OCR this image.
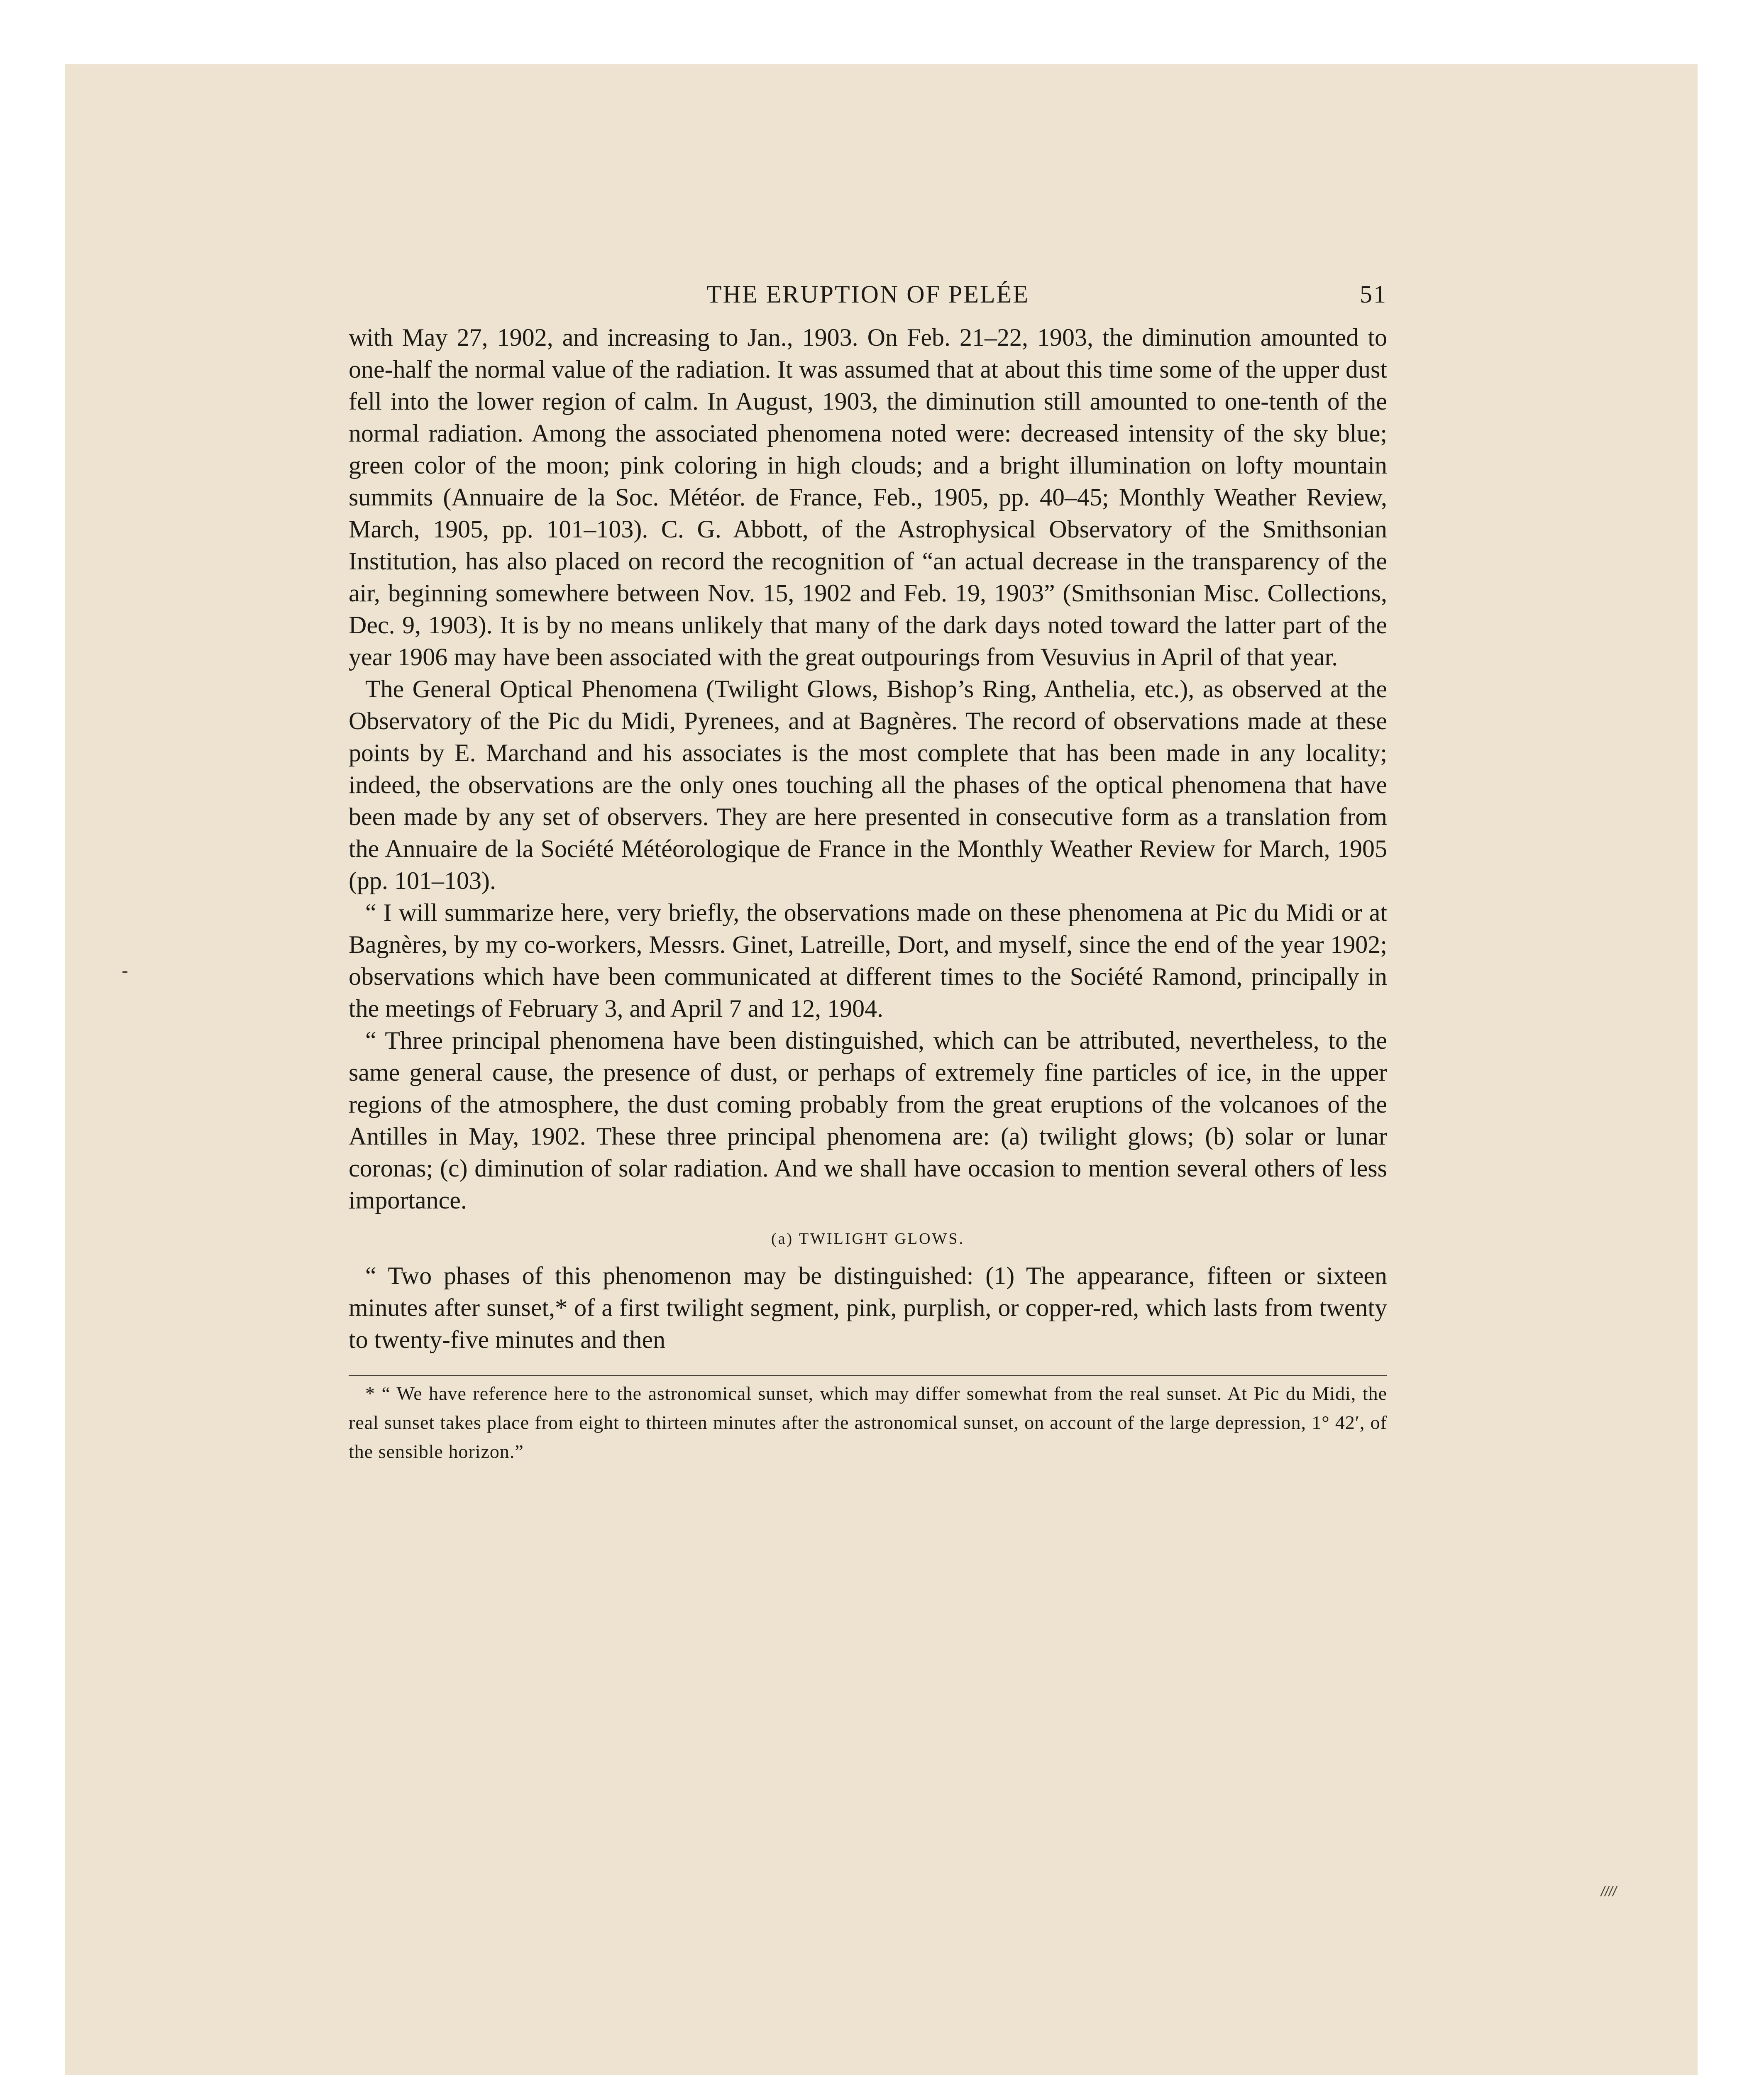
-
////
THE ERUPTION OF PELÉE	51

with May 27, 1902, and increasing to Jan., 1903. On Feb. 21–22, 1903, the diminution amounted to one-half the normal value of the radiation. It was assumed that at about this time some of the upper dust fell into the lower region of calm. In August, 1903, the diminution still amounted to one-tenth of the normal radiation. Among the associated phenomena noted were: decreased intensity of the sky blue; green color of the moon; pink coloring in high clouds; and a bright illumination on lofty mountain summits (Annuaire de la Soc. Météor. de France, Feb., 1905, pp. 40–45; Monthly Weather Review, March, 1905, pp. 101–103). C. G. Abbott, of the Astrophysical Observatory of the Smithsonian Institution, has also placed on record the recognition of “an actual decrease in the transparency of the air, beginning somewhere between Nov. 15, 1902 and Feb. 19, 1903” (Smithsonian Misc. Collections, Dec. 9, 1903). It is by no means unlikely that many of the dark days noted toward the latter part of the year 1906 may have been associated with the great outpourings from Vesuvius in April of that year.

The General Optical Phenomena (Twilight Glows, Bishop’s Ring, Anthelia, etc.), as observed at the Observatory of the Pic du Midi, Pyrenees, and at Bagnères. The record of observations made at these points by E. Marchand and his associates is the most complete that has been made in any locality; indeed, the observations are the only ones touching all the phases of the optical phenomena that have been made by any set of observers. They are here presented in consecutive form as a translation from the Annuaire de la Société Météorologique de France in the Monthly Weather Review for March, 1905 (pp. 101–103).

“ I will summarize here, very briefly, the observations made on these phenomena at Pic du Midi or at Bagnères, by my co-workers, Messrs. Ginet, Latreille, Dort, and myself, since the end of the year 1902; observations which have been communicated at different times to the Société Ramond, principally in the meetings of February 3, and April 7 and 12, 1904.

“ Three principal phenomena have been distinguished, which can be attributed, nevertheless, to the same general cause, the presence of dust, or perhaps of extremely fine particles of ice, in the upper regions of the atmosphere, the dust coming probably from the great eruptions of the volcanoes of the Antilles in May, 1902. These three principal phenomena are: (a) twilight glows; (b) solar or lunar coronas; (c) diminution of solar radiation. And we shall have occasion to mention several others of less importance.

(a) TWILIGHT GLOWS.

“ Two phases of this phenomenon may be distinguished: (1) The appearance, fifteen or sixteen minutes after sunset,* of a first twilight segment, pink, purplish, or copper-red, which lasts from twenty to twenty-five minutes and then

* “ We have reference here to the astronomical sunset, which may differ somewhat from the real sunset. At Pic du Midi, the real sunset takes place from eight to thirteen minutes after the astronomical sunset, on account of the large depression, 1° 42′, of the sensible horizon.”
